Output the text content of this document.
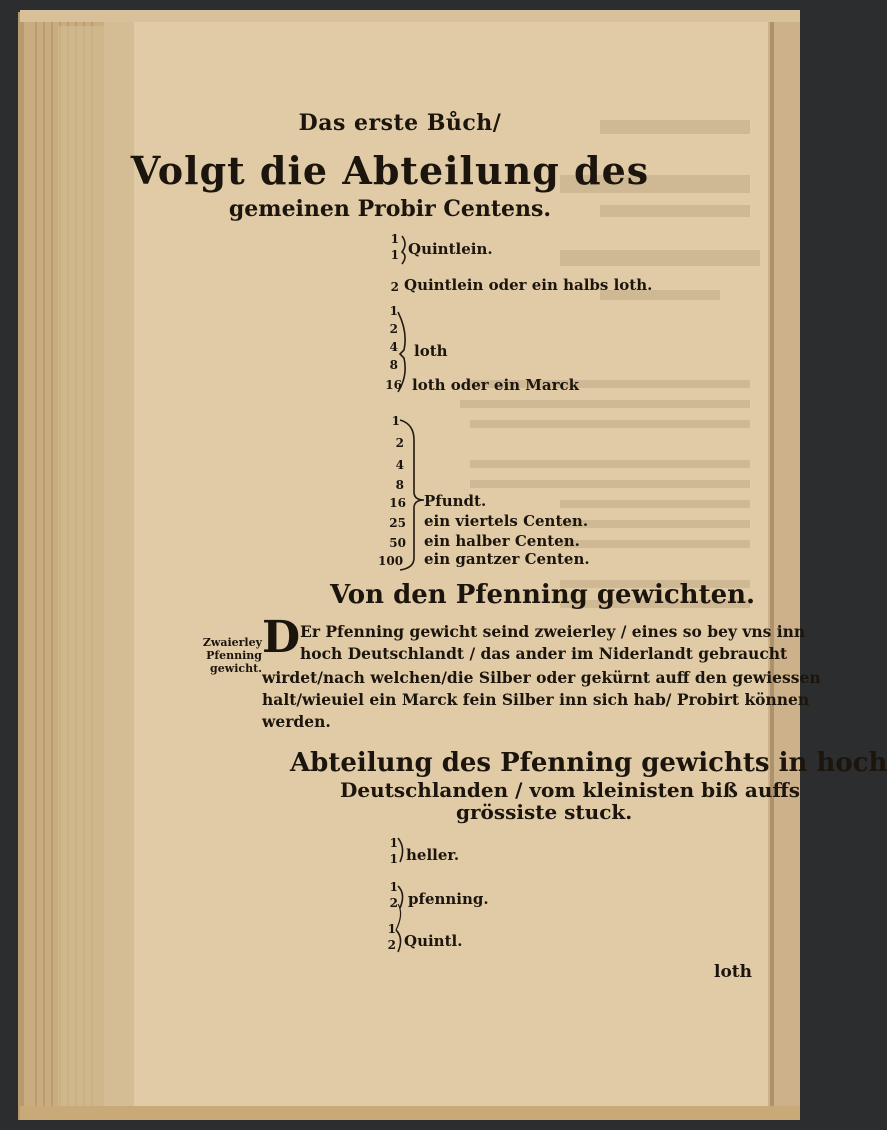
Das erste Bůch/
Volgt die Abteilung des
gemeinen Probir Centens.
1
1 Quintlein.
2 Quintlein oder ein halbs loth.
1
2
4
8
16
loth
loth oder ein Marck
1
2
4
8
16
25
50
100
Pfundt.
ein viertels Centen.
ein halber Centen.
ein gantzer Centen.
Von den Pfenning gewichten.
Zwaierley
Pfenning
gewicht.
D Er Pfenning gewicht seind zweierley / eines so bey vns inn
hoch Deutschlandt / das ander im Niderlandt gebraucht
wirdet/nach welchen/die Silber oder gekürnt auff den gewiessen
halt/wieuiel ein Marck fein Silber inn sich hab/ Probirt können
werden.
Abteilung des Pfenning gewichts in hoch
Deutschlanden / vom kleinisten biß auffs
grössiste stuck.
1
1 heller.
1
2 pfenning.
1
2 Quintl.
loth
